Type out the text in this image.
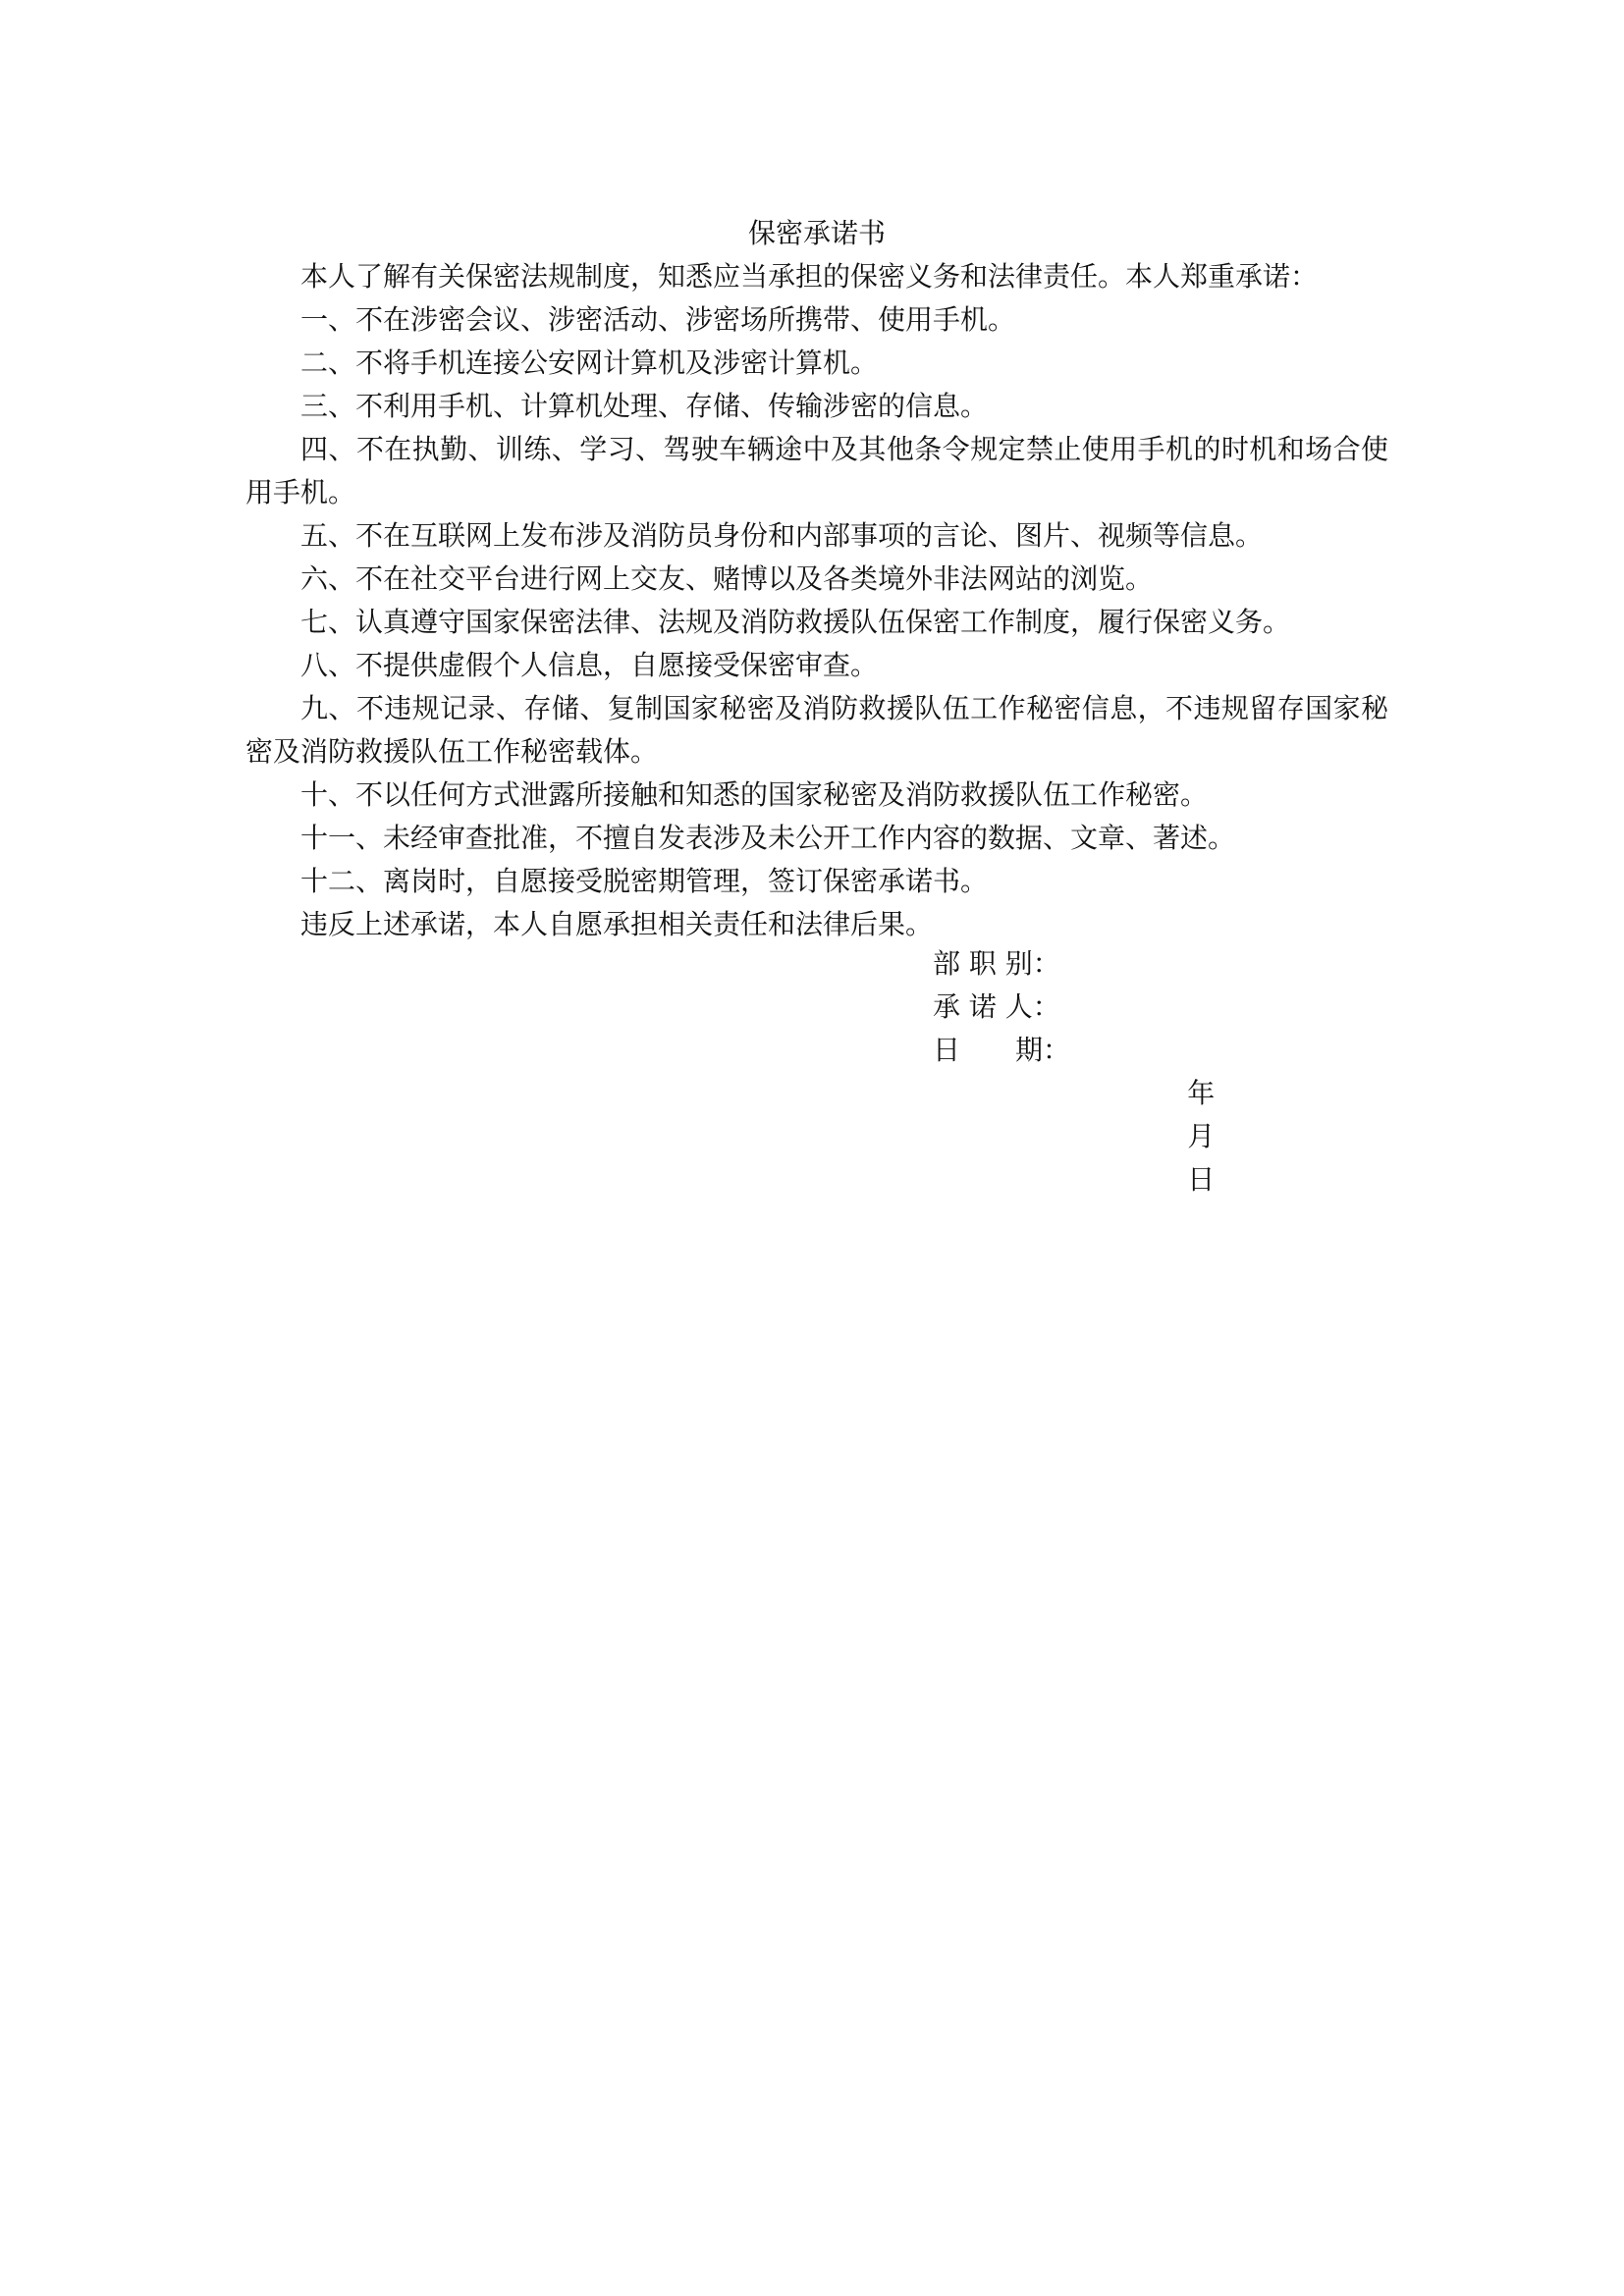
保密承诺书

本人了解有关保密法规制度，知悉应当承担的保密义务和法律责任。本人郑重承诺：

一、不在涉密会议、涉密活动、涉密场所携带、使用手机。

二、不将手机连接公安网计算机及涉密计算机。

三、不利用手机、计算机处理、存储、传输涉密的信息。

四、不在执勤、训练、学习、驾驶车辆途中及其他条令规定禁止使用手机的时机和场合使用手机。

五、不在互联网上发布涉及消防员身份和内部事项的言论、图片、视频等信息。

六、不在社交平台进行网上交友、赌博以及各类境外非法网站的浏览。

七、认真遵守国家保密法律、法规及消防救援队伍保密工作制度，履行保密义务。

八、不提供虚假个人信息，自愿接受保密审查。

九、不违规记录、存储、复制国家秘密及消防救援队伍工作秘密信息，不违规留存国家秘密及消防救援队伍工作秘密载体。

十、不以任何方式泄露所接触和知悉的国家秘密及消防救援队伍工作秘密。

十一、未经审查批准，不擅自发表涉及未公开工作内容的数据、文章、著述。

十二、离岗时，自愿接受脱密期管理，签订保密承诺书。

违反上述承诺，本人自愿承担相关责任和法律后果。

部 职 别：
承 诺 人：
日　　期：

年
月
日
